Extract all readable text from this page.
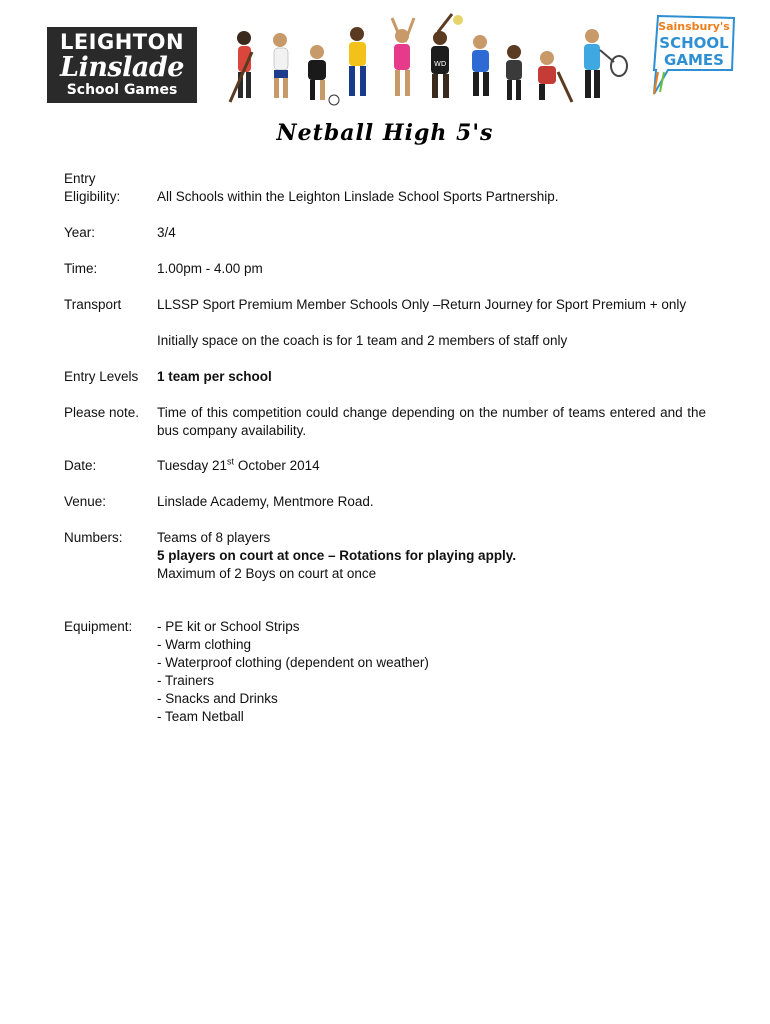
LEIGHTON
Linslade
School Games
WD
Sainsbury's
SCHOOL
GAMES
Netball High 5's
Entry
Eligibility:	All Schools within the Leighton Linslade School Sports Partnership.
Year:	3/4
Time:	1.00pm - 4.00 pm
Transport	LLSSP Sport Premium Member Schools Only –Return Journey for Sport Premium + only

Initially space on the coach is for 1 team and 2 members of staff only

Entry Levels	1 team per school
Please note.	Time of this competition could change depending on the number of teams entered and the bus company availability.
Date:	Tuesday 21st October 2014
Venue:	Linslade Academy, Mentmore Road.
Numbers:	Teams of 8 players

5 players on court at once – Rotations for playing apply.

Maximum of 2 Boys on court at once

Equipment:	- PE kit or School Strips

- Warm clothing

- Waterproof clothing (dependent on weather)

- Trainers

- Snacks and Drinks

- Team Netball
